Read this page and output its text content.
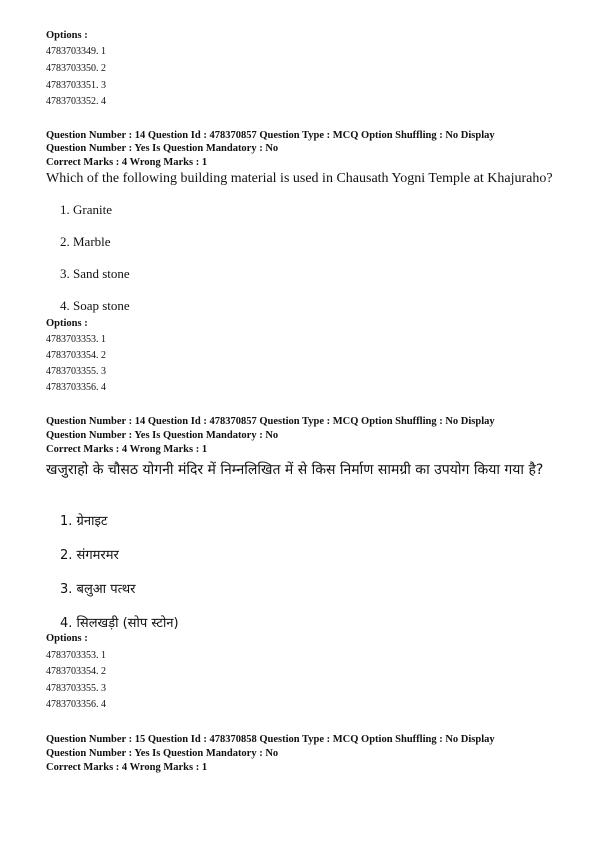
Options :
4783703349. 1
4783703350. 2
4783703351. 3
4783703352. 4
Question Number : 14 Question Id : 478370857 Question Type : MCQ Option Shuffling : No Display
Question Number : Yes Is Question Mandatory : No
Correct Marks : 4 Wrong Marks : 1
Which of the following building material is used in Chausath Yogni Temple at Khajuraho?
1. Granite
2. Marble
3. Sand stone
4. Soap stone
Options :
4783703353. 1
4783703354. 2
4783703355. 3
4783703356. 4
Question Number : 14 Question Id : 478370857 Question Type : MCQ Option Shuffling : No Display
Question Number : Yes Is Question Mandatory : No
Correct Marks : 4 Wrong Marks : 1
खजुराहो के चौसठ योगनी मंदिर में निम्नलिखित में से किस निर्माण सामग्री का उपयोग किया गया है?
1. ग्रेनाइट
2. संगमरमर
3. बलुआ पत्थर
4. सिलखड़ी (सोप स्टोन)
Options :
4783703353. 1
4783703354. 2
4783703355. 3
4783703356. 4
Question Number : 15 Question Id : 478370858 Question Type : MCQ Option Shuffling : No Display
Question Number : Yes Is Question Mandatory : No
Correct Marks : 4 Wrong Marks : 1
